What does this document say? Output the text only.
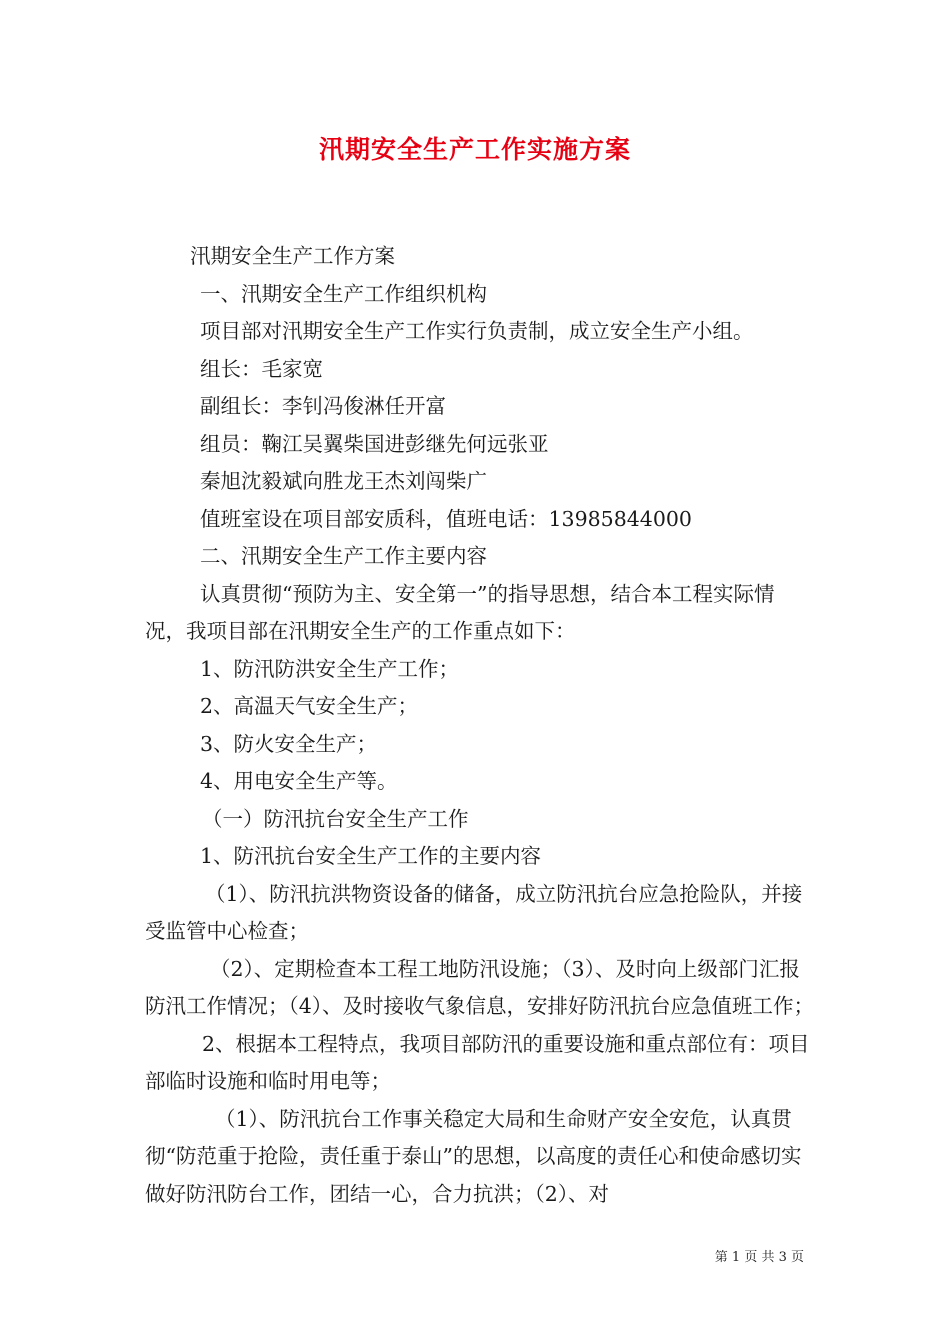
汛期安全生产工作实施方案

汛期安全生产工作方案

一、汛期安全生产工作组织机构

项目部对汛期安全生产工作实行负责制，成立安全生产小组。

组长：毛家宽

副组长：李钊冯俊淋任开富

组员：鞠江吴翼柴国进彭继先何远张亚

秦旭沈毅斌向胜龙王杰刘闯柴广

值班室设在项目部安质科，值班电话：13985844000

二、汛期安全生产工作主要内容

认真贯彻“预防为主、安全第一”的指导思想，结合本工程实际情况，我项目部在汛期安全生产的工作重点如下：

1、防汛防洪安全生产工作；

2、高温天气安全生产；

3、防火安全生产；

4、用电安全生产等。

（一）防汛抗台安全生产工作

1、防汛抗台安全生产工作的主要内容

（1）、防汛抗洪物资设备的储备，成立防汛抗台应急抢险队，并接受监管中心检查；

（2）、定期检查本工程工地防汛设施；（3）、及时向上级部门汇报防汛工作情况；（4）、及时接收气象信息，安排好防汛抗台应急值班工作；

2、根据本工程特点，我项目部防汛的重要设施和重点部位有：项目部临时设施和临时用电等；

（1）、防汛抗台工作事关稳定大局和生命财产安全安危，认真贯彻“防范重于抢险，责任重于泰山”的思想，以高度的责任心和使命感切实做好防汛防台工作，团结一心，合力抗洪；（2）、对

第 1 页 共 3 页
